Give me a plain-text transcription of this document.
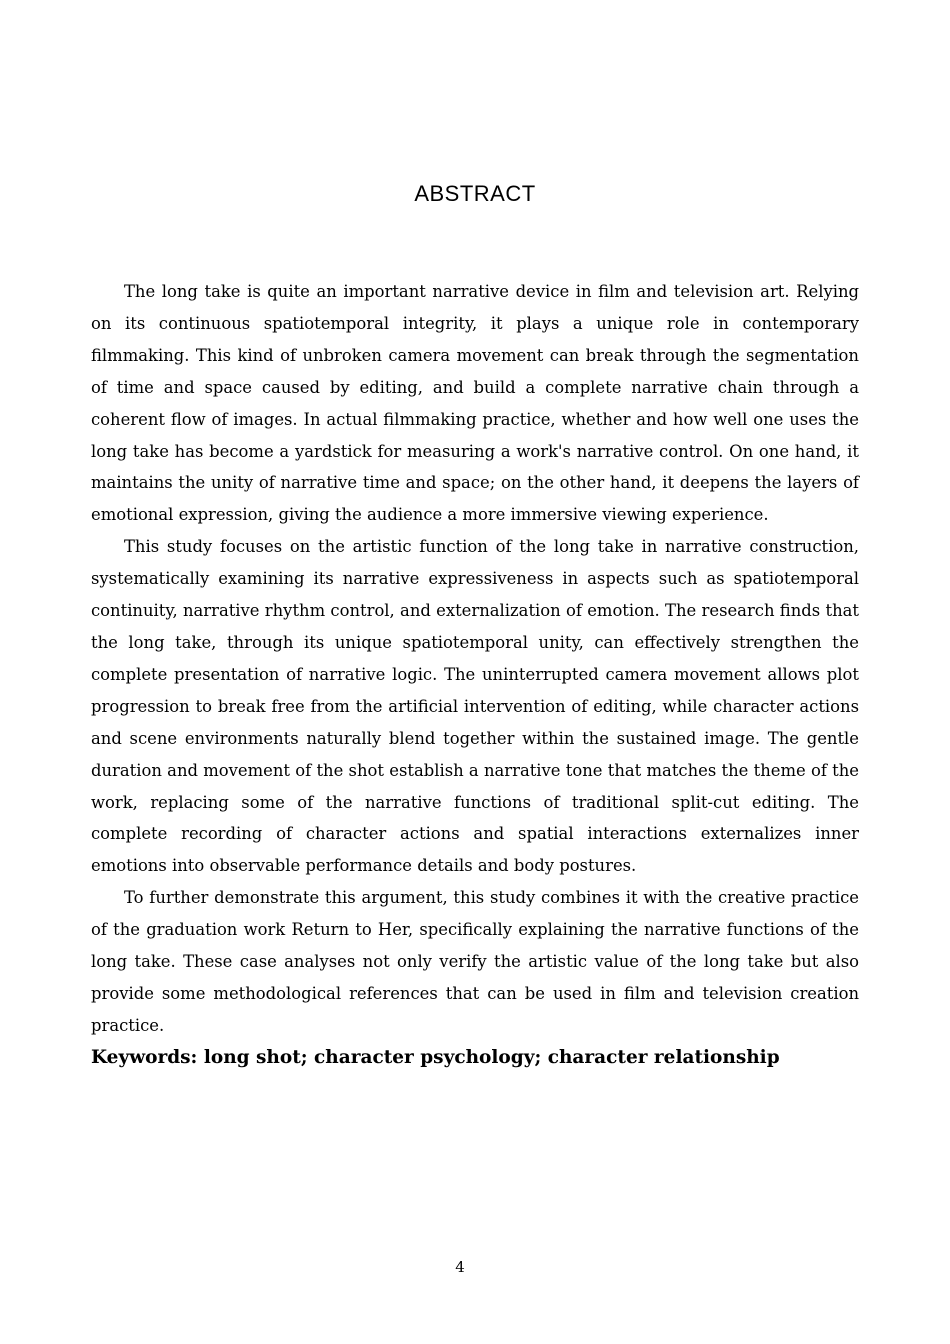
ABSTRACT

The long take is quite an important narrative device in film and television art. Relying on its continuous spatiotemporal integrity, it plays a unique role in contemporary filmmaking. This kind of unbroken camera movement can break through the segmentation of time and space caused by editing, and build a complete narrative chain through a coherent flow of images. In actual filmmaking practice, whether and how well one uses the long take has become a yardstick for measuring a work's narrative control. On one hand, it maintains the unity of narrative time and space; on the other hand, it deepens the layers of emotional expression, giving the audience a more immersive viewing experience.

This study focuses on the artistic function of the long take in narrative construction, systematically examining its narrative expressiveness in aspects such as spatiotemporal continuity, narrative rhythm control, and externalization of emotion. The research finds that the long take, through its unique spatiotemporal unity, can effectively strengthen the complete presentation of narrative logic. The uninterrupted camera movement allows plot progression to break free from the artificial intervention of editing, while character actions and scene environments naturally blend together within the sustained image. The gentle duration and movement of the shot establish a narrative tone that matches the theme of the work, replacing some of the narrative functions of traditional split-cut editing. The complete recording of character actions and spatial interactions externalizes inner emotions into observable performance details and body postures.

To further demonstrate this argument, this study combines it with the creative practice of the graduation work Return to Her, specifically explaining the narrative functions of the long take. These case analyses not only verify the artistic value of the long take but also provide some methodological references that can be used in film and television creation practice.

Keywords: long shot; character psychology; character relationship

4
